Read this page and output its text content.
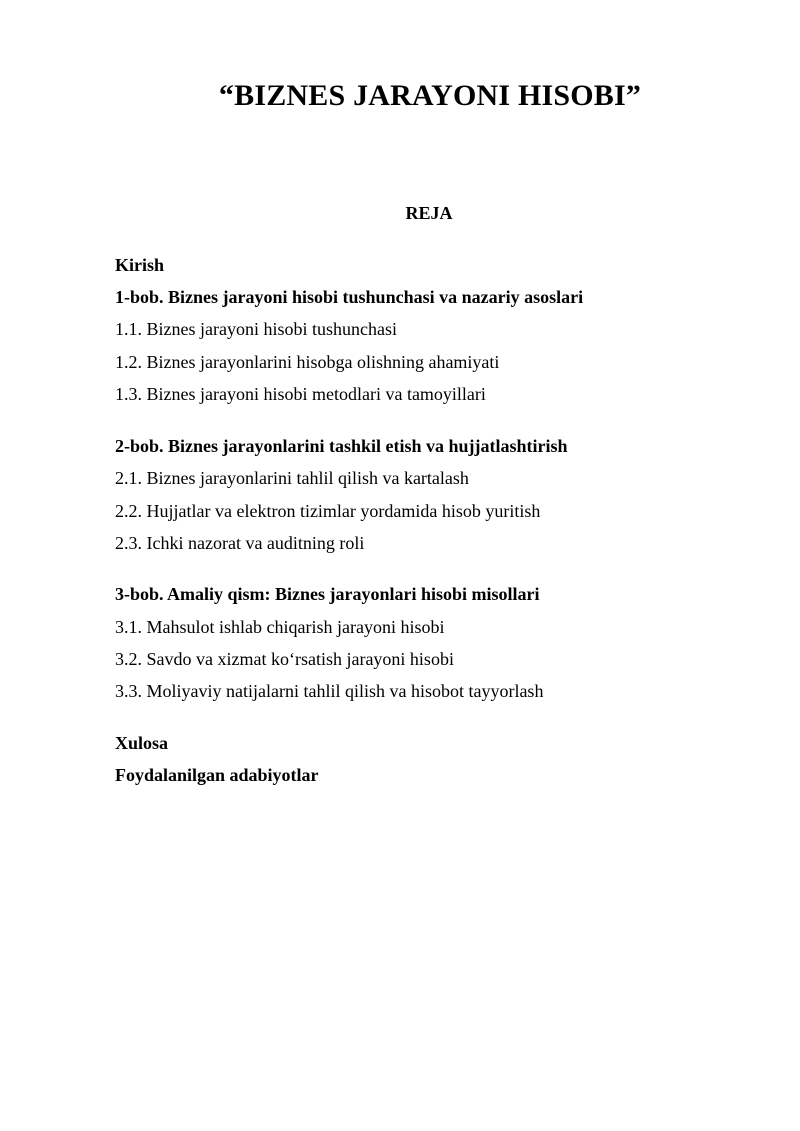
“BIZNES JARAYONI HISOBI”
REJA
Kirish
1-bob. Biznes jarayoni hisobi tushunchasi va nazariy asoslari
1.1. Biznes jarayoni hisobi tushunchasi
1.2. Biznes jarayonlarini hisobga olishning ahamiyati
1.3. Biznes jarayoni hisobi metodlari va tamoyillari
2-bob. Biznes jarayonlarini tashkil etish va hujjatlashtirish
2.1. Biznes jarayonlarini tahlil qilish va kartalash
2.2. Hujjatlar va elektron tizimlar yordamida hisob yuritish
2.3. Ichki nazorat va auditning roli
3-bob. Amaliy qism: Biznes jarayonlari hisobi misollari
3.1. Mahsulot ishlab chiqarish jarayoni hisobi
3.2. Savdo va xizmat ko‘rsatish jarayoni hisobi
3.3. Moliyaviy natijalarni tahlil qilish va hisobot tayyorlash
Xulosa
Foydalanilgan adabiyotlar
